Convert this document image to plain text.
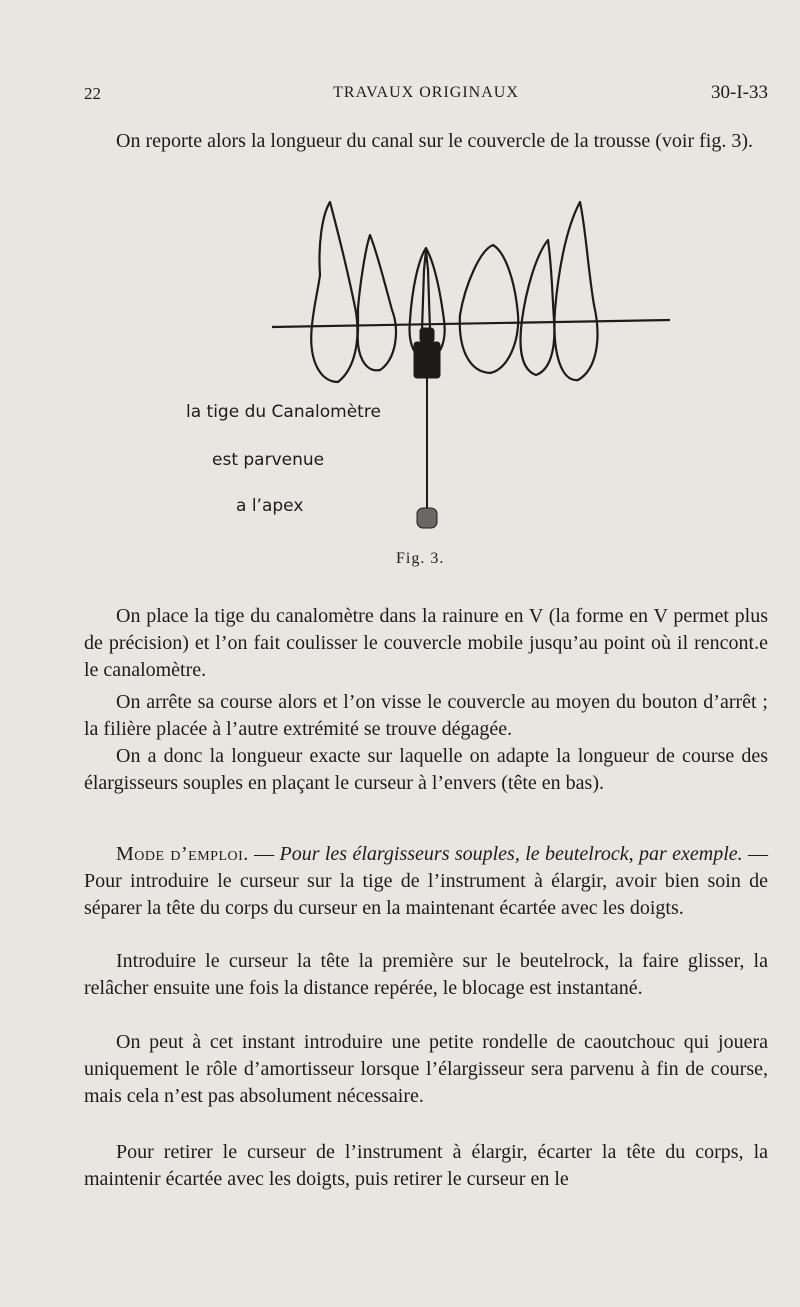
22	TRAVAUX ORIGINAUX	30-I-33

On reporte alors la longueur du canal sur le couvercle de la trousse (voir fig. 3).

la tige du Canalomètre
est parvenue
a l’apex
Fig. 3.

On place la tige du canalomètre dans la rainure en V (la forme en V permet plus de précision) et l’on fait coulisser le couvercle mobile jusqu’au point où il rencont.e le canalomètre.

On arrête sa course alors et l’on visse le couvercle au moyen du bouton d’arrêt ; la filière placée à l’autre extrémité se trouve dégagée.

On a donc la longueur exacte sur laquelle on adapte la longueur de course des élargisseurs souples en plaçant le curseur à l’envers (tête en bas).

Mode d’emploi. — Pour les élargisseurs souples, le beutelrock, par exemple. — Pour introduire le curseur sur la tige de l’instrument à élargir, avoir bien soin de séparer la tête du corps du curseur en la maintenant écartée avec les doigts.

Introduire le curseur la tête la première sur le beutelrock, la faire glisser, la relâcher ensuite une fois la distance repérée, le blocage est instantané.

On peut à cet instant introduire une petite rondelle de caoutchouc qui jouera uniquement le rôle d’amortisseur lorsque l’élargisseur sera parvenu à fin de course, mais cela n’est pas absolument nécessaire.

Pour retirer le curseur de l’instrument à élargir, écarter la tête du corps, la maintenir écartée avec les doigts, puis retirer le curseur en le
